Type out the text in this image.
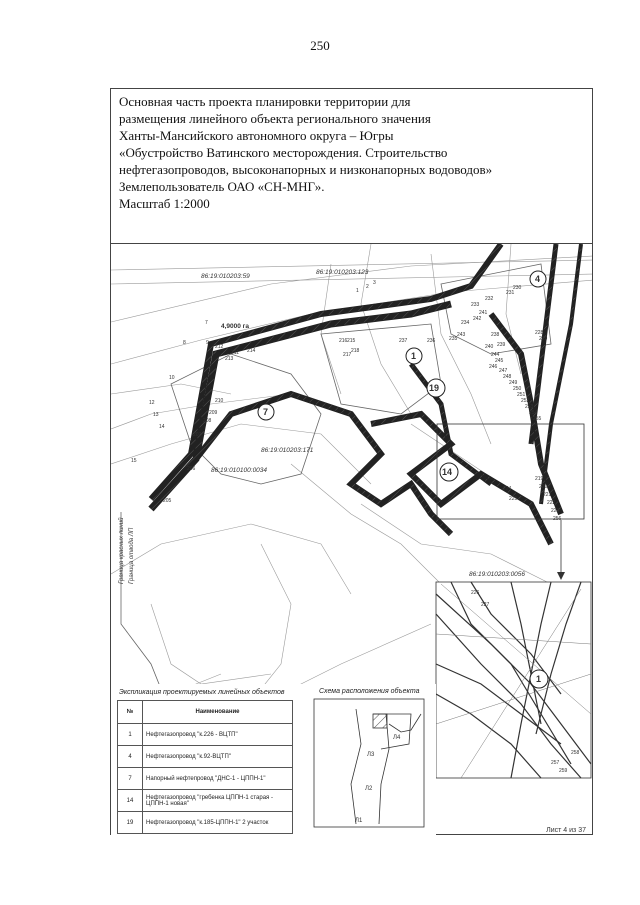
250
Основная часть проекта планировки территории для
размещения линейного объекта регионального значения
Ханты-Мансийского автономного округа – Югры
«Обустройство Ватинского месторождения. Строительство
нефтегазопроводов, высоконапорных и низконапорных водоводов»
Землепользователь ОАО «СН-МНГ».
Масштаб 1:2000
86:19:010203:59
86:19:010203:123
86:19:010203:171
86:19:010100:0034
86:19:010203:0056
4,9000 га
4
1
19
7
14
1
Граница красных линий Граница отвода ЛП
7
8	9
10
12
13
14
15
1
2
3
230
231
232
233
234
235
236
237
238
239
240
241
242
243
244
245
246
211
212
213
214
215
216
217
218
219
220
221
222
223
224
225
226
227
228
229
247
248
249
250
251
252
253
254
255
256
257
258
259
205
206
207
208
209
210
Л4
Л3
Л2
Л1
Экспликация проектируемых линейных объектов
№	Наименование
1	Нефтегазопровод "к.226 - ВЦТП"
4	Нефтегазопровод "к.92-ВЦТП"
7	Напорный нефтепровод "ДНС-1 - ЦППН-1"
14	Нефтегазопровод "гребенка ЦППН-1 старая - ЦППН-1 новая"
19	Нефтегазопровод "к.185-ЦППН-1" 2 участок
Схема расположения объекта
Лист 4 из 37
